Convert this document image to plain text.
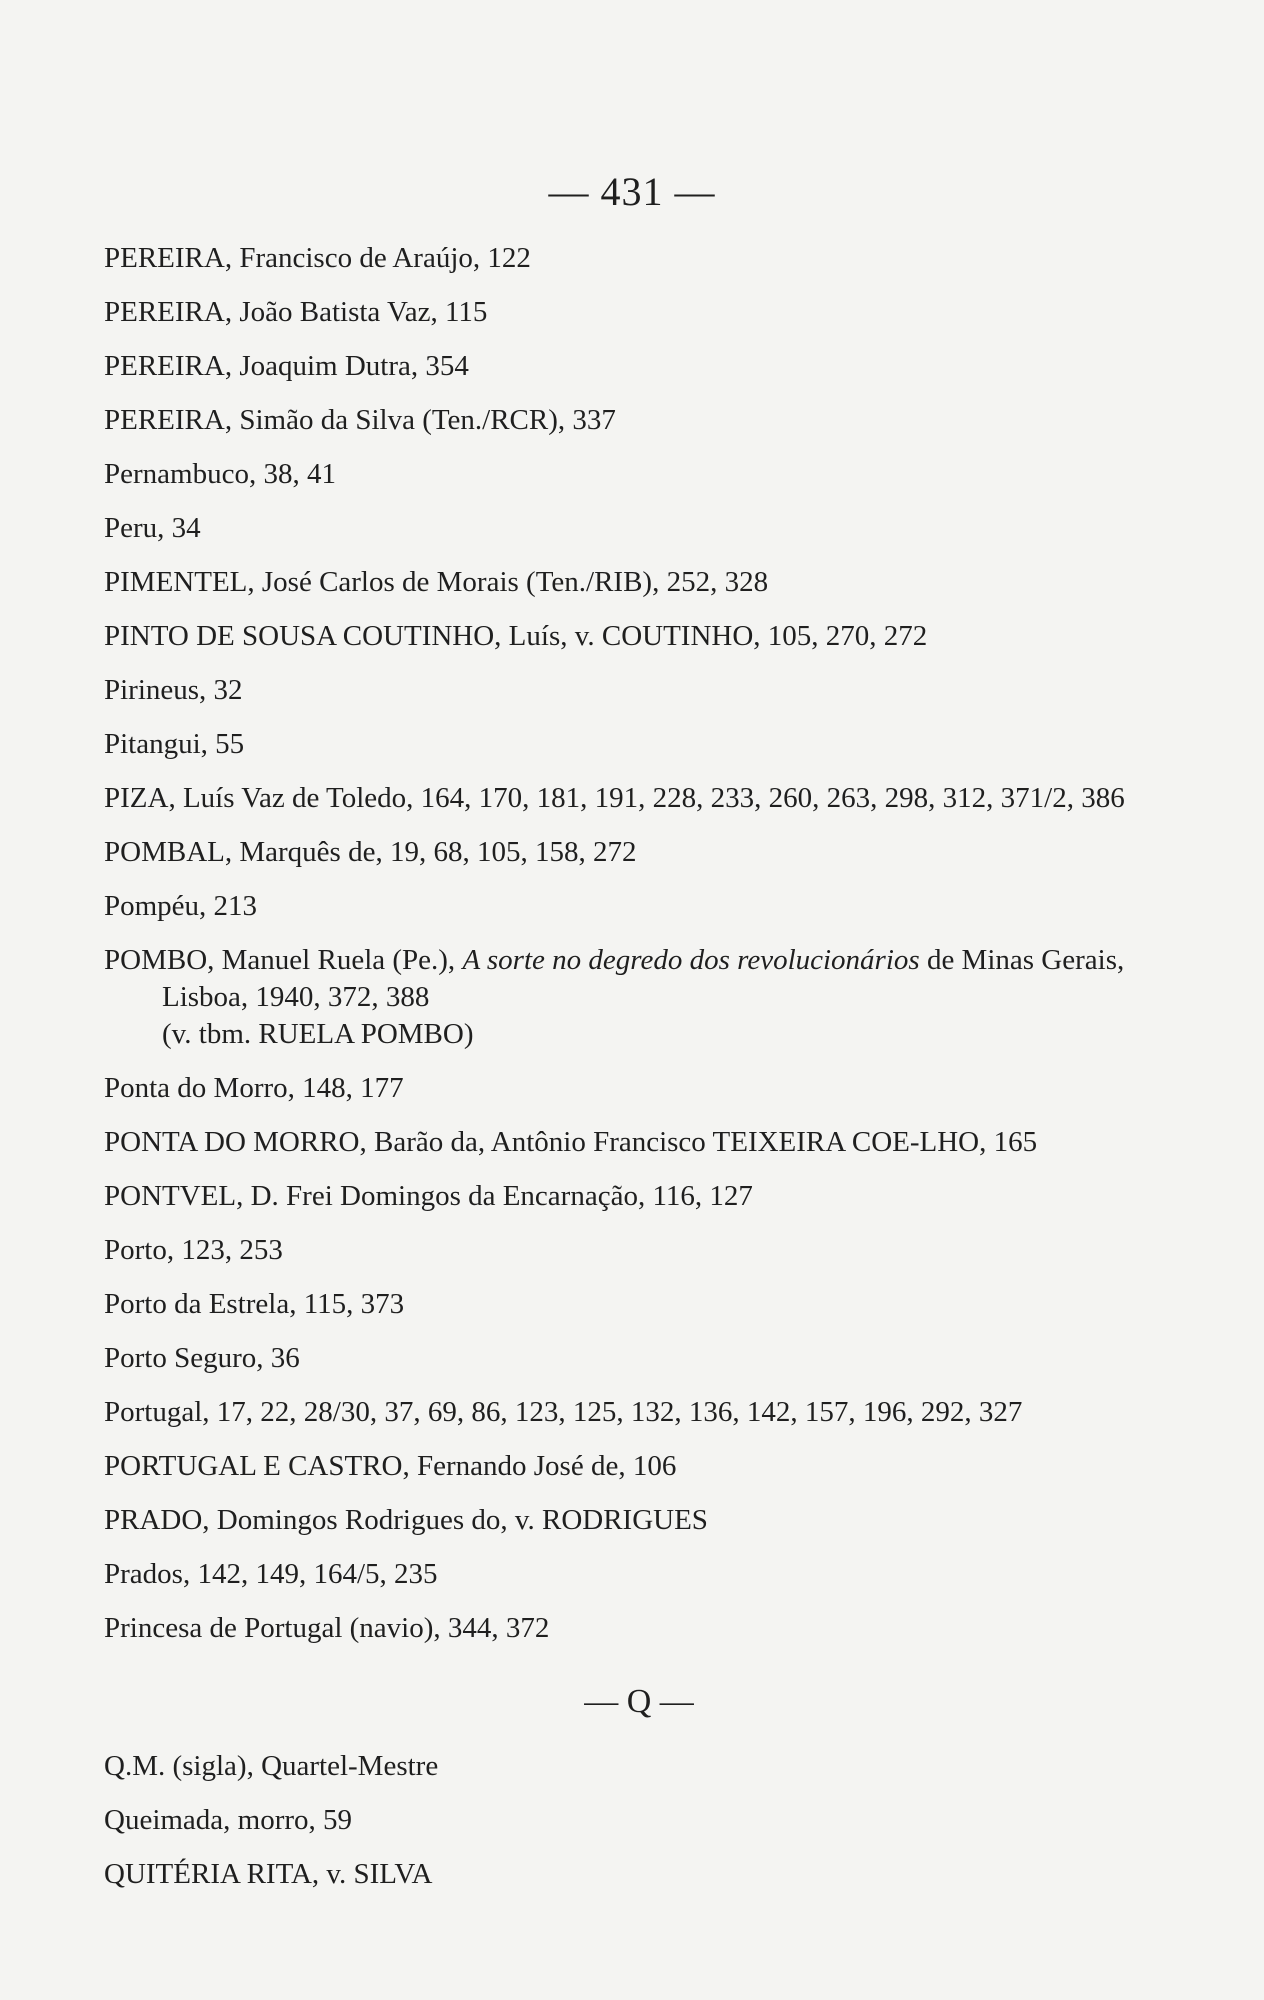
— 431 —
PEREIRA, Francisco de Araújo, 122
PEREIRA, João Batista Vaz, 115
PEREIRA, Joaquim Dutra, 354
PEREIRA, Simão da Silva (Ten./RCR), 337
Pernambuco, 38, 41
Peru, 34
PIMENTEL, José Carlos de Morais (Ten./RIB), 252, 328
PINTO DE SOUSA COUTINHO, Luís, v. COUTINHO, 105, 270, 272
Pirineus, 32
Pitangui, 55
PIZA, Luís Vaz de Toledo, 164, 170, 181, 191, 228, 233, 260, 263, 298, 312, 371/2, 386
POMBAL, Marquês de, 19, 68, 105, 158, 272
Pompéu, 213
POMBO, Manuel Ruela (Pe.), A sorte no degredo dos revolucionários de Minas Gerais, Lisboa, 1940, 372, 388
(v. tbm. RUELA POMBO)
Ponta do Morro, 148, 177
PONTA DO MORRO, Barão da, Antônio Francisco TEIXEIRA COE-LHO, 165
PONTVEL, D. Frei Domingos da Encarnação, 116, 127
Porto, 123, 253
Porto da Estrela, 115, 373
Porto Seguro, 36
Portugal, 17, 22, 28/30, 37, 69, 86, 123, 125, 132, 136, 142, 157, 196, 292, 327
PORTUGAL E CASTRO, Fernando José de, 106
PRADO, Domingos Rodrigues do, v. RODRIGUES
Prados, 142, 149, 164/5, 235
Princesa de Portugal (navio), 344, 372
— Q —
Q.M. (sigla), Quartel-Mestre
Queimada, morro, 59
QUITÉRIA RITA, v. SILVA
